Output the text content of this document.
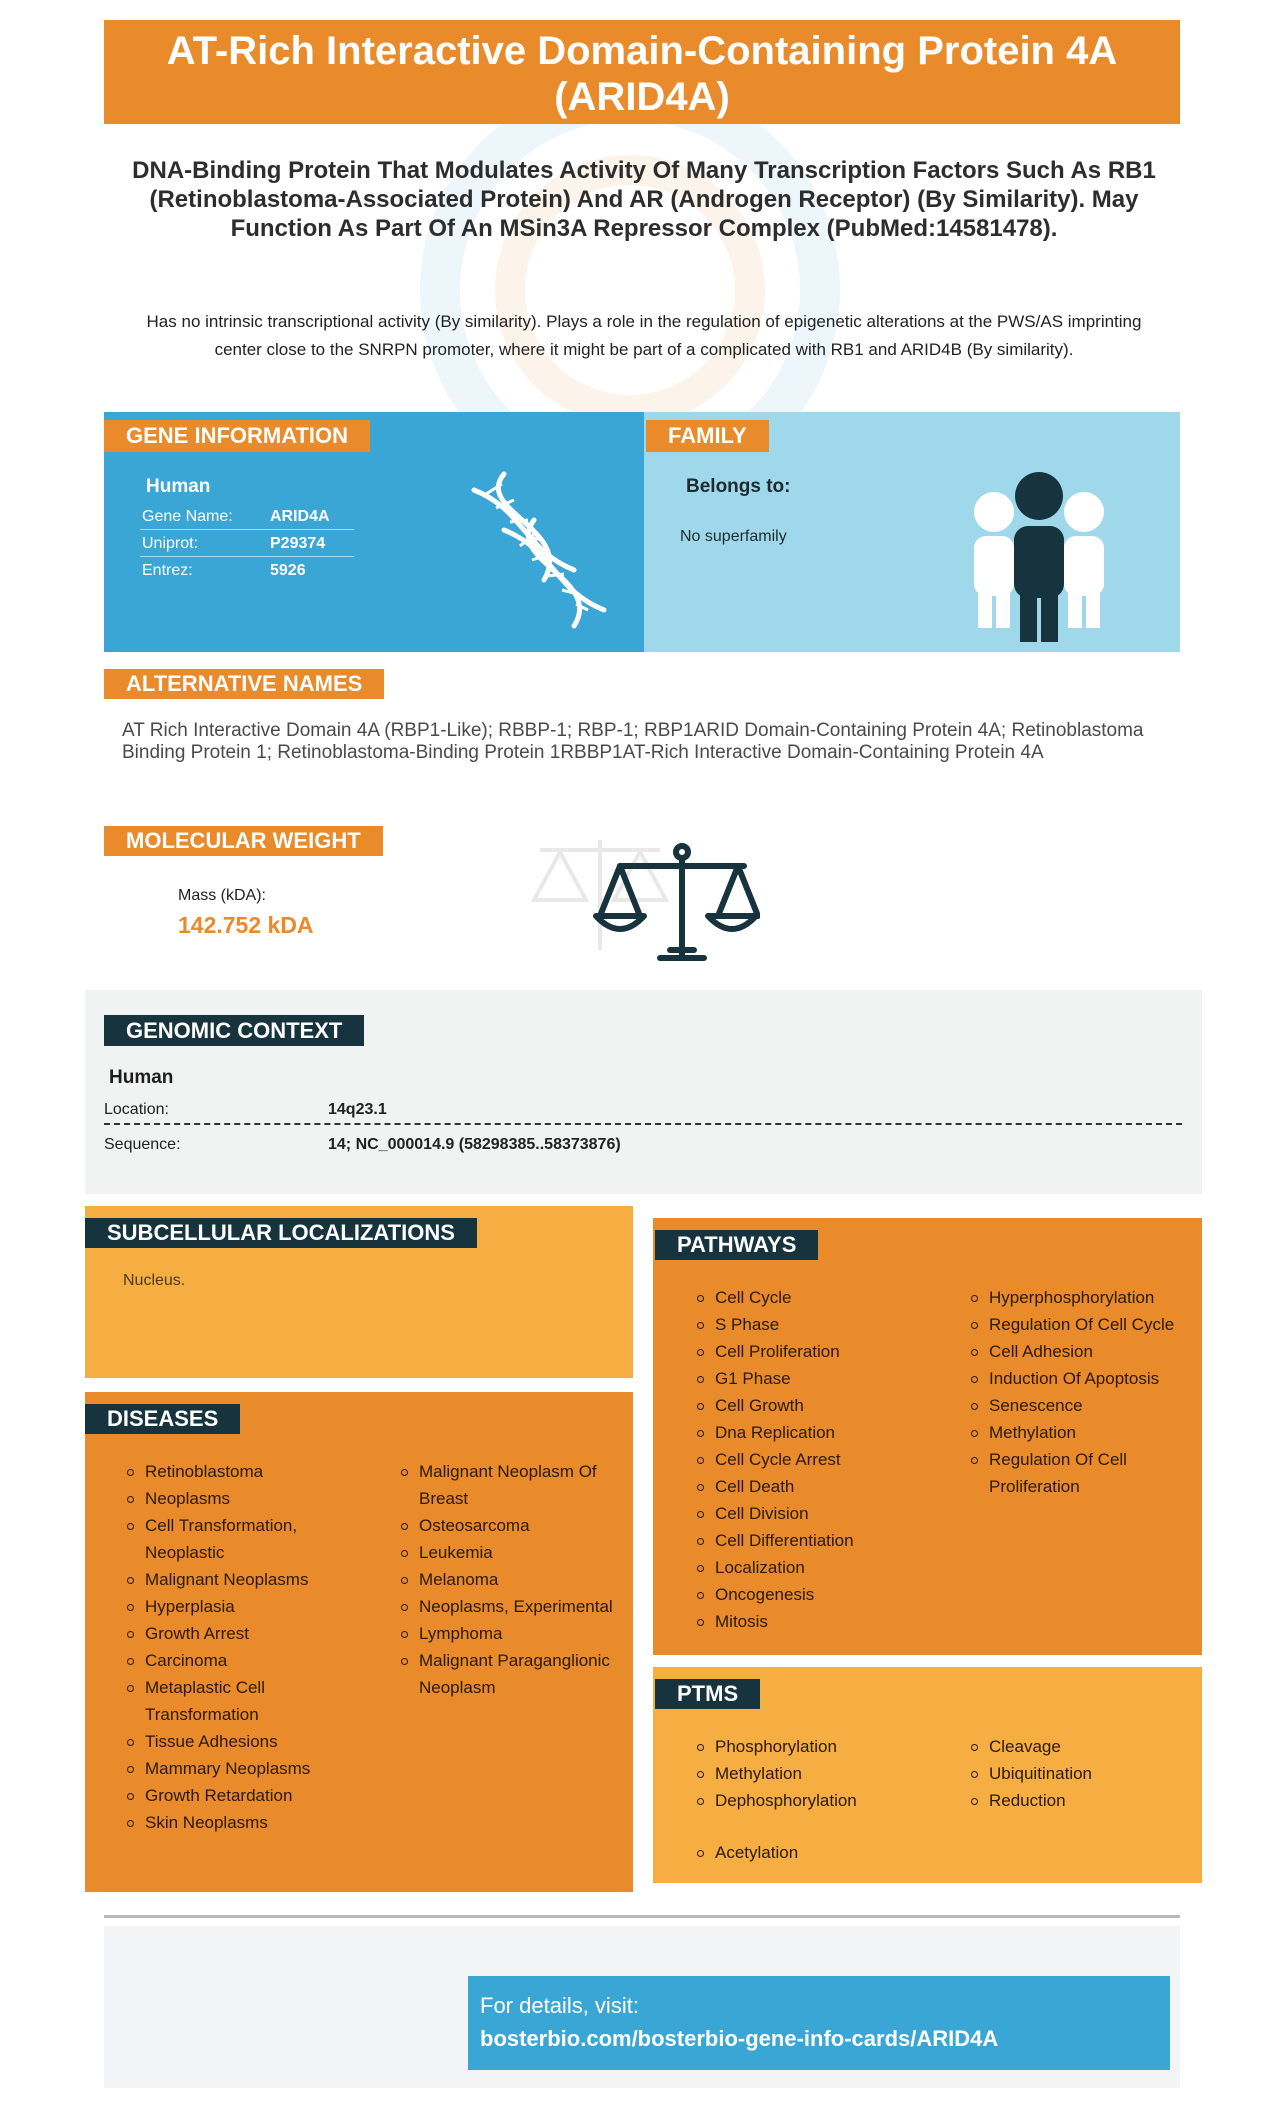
AT-Rich Interactive Domain-Containing Protein 4A (ARID4A)
DNA-Binding Protein That Modulates Activity Of Many Transcription Factors Such As RB1 (Retinoblastoma-Associated Protein) And AR (Androgen Receptor) (By Similarity). May Function As Part Of An MSin3A Repressor Complex (PubMed:14581478).
Has no intrinsic transcriptional activity (By similarity). Plays a role in the regulation of epigenetic alterations at the PWS/AS imprinting center close to the SNRPN promoter, where it might be part of a complicated with RB1 and ARID4B (By similarity).
GENE INFORMATION
Human
Gene Name: ARID4A
Uniprot:	P29374
Entrez:	5926
FAMILY
Belongs to:
No superfamily
ALTERNATIVE NAMES
AT Rich Interactive Domain 4A (RBP1-Like); RBBP-1; RBP-1; RBP1ARID Domain-Containing Protein 4A; Retinoblastoma Binding Protein 1; Retinoblastoma-Binding Protein 1RBBP1AT-Rich Interactive Domain-Containing Protein 4A
MOLECULAR WEIGHT
Mass (kDA):
142.752 kDA
GENOMIC CONTEXT
Human
Location:	14q23.1
Sequence:	14; NC_000014.9 (58298385..58373876)
SUBCELLULAR LOCALIZATIONS
Nucleus.
DISEASES
Retinoblastoma
Neoplasms
Cell Transformation, Neoplastic
Malignant Neoplasms
Hyperplasia
Growth Arrest
Carcinoma
Metaplastic Cell Transformation
Tissue Adhesions
Mammary Neoplasms
Growth Retardation
Skin Neoplasms
Malignant Neoplasm Of Breast
Osteosarcoma
Leukemia
Melanoma
Neoplasms, Experimental
Lymphoma
Malignant Paraganglionic Neoplasm
PATHWAYS
Cell Cycle
S Phase
Cell Proliferation
G1 Phase
Cell Growth
Dna Replication
Cell Cycle Arrest
Cell Death
Cell Division
Cell Differentiation
Localization
Oncogenesis
Mitosis
Hyperphosphorylation
Regulation Of Cell Cycle
Cell Adhesion
Induction Of Apoptosis
Senescence
Methylation
Regulation Of Cell Proliferation
PTMS
Phosphorylation
Methylation
Dephosphorylation
Cleavage
Ubiquitination
Reduction
Acetylation
For details, visit:
bosterbio.com/bosterbio-gene-info-cards/ARID4A
